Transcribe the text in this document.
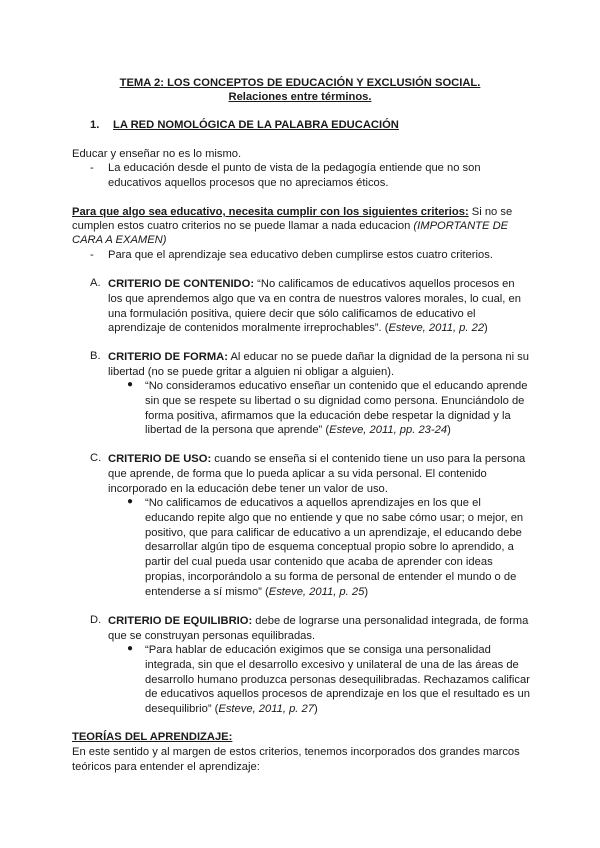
TEMA 2: LOS CONCEPTOS DE EDUCACIÓN Y EXCLUSIÓN SOCIAL.
Relaciones entre términos.
1. LA RED NOMOLÓGICA DE LA PALABRA EDUCACIÓN
Educar y enseñar no es lo mismo.
- La educación desde el punto de vista de la pedagogía entiende que no son
educativos aquellos procesos que no apreciamos éticos.
Para que algo sea educativo, necesita cumplir con los siguientes criterios: Si no se
cumplen estos cuatro criterios no se puede llamar a nada educacion (IMPORTANTE DE
CARA A EXAMEN)
- Para que el aprendizaje sea educativo deben cumplirse estos cuatro criterios.
A. CRITERIO DE CONTENIDO: “No calificamos de educativos aquellos procesos en
los que aprendemos algo que va en contra de nuestros valores morales, lo cual, en
una formulación positiva, quiere decir que sólo calificamos de educativo el
aprendizaje de contenidos moralmente irreprochables”. (Esteve, 2011, p. 22)
B. CRITERIO DE FORMA: Al educar no se puede dañar la dignidad de la persona ni su
libertad (no se puede gritar a alguien ni obligar a alguien).
● “No consideramos educativo enseñar un contenido que el educando aprende
sin que se respete su libertad o su dignidad como persona. Enunciándolo de
forma positiva, afirmamos que la educación debe respetar la dignidad y la
libertad de la persona que aprende” (Esteve, 2011, pp. 23-24)
C. CRITERIO DE USO: cuando se enseña si el contenido tiene un uso para la persona
que aprende, de forma que lo pueda aplicar a su vida personal. El contenido
incorporado en la educación debe tener un valor de uso.
● “No calificamos de educativos a aquellos aprendizajes en los que el
educando repite algo que no entiende y que no sabe cómo usar; o mejor, en
positivo, que para calificar de educativo a un aprendizaje, el educando debe
desarrollar algún tipo de esquema conceptual propio sobre lo aprendido, a
partir del cual pueda usar contenido que acaba de aprender con ideas
propias, incorporándolo a su forma de personal de entender el mundo o de
entenderse a sí mismo” (Esteve, 2011, p. 25)
D. CRITERIO DE EQUILIBRIO: debe de lograrse una personalidad integrada, de forma
que se construyan personas equilibradas.
● “Para hablar de educación exigimos que se consiga una personalidad
integrada, sin que el desarrollo excesivo y unilateral de una de las áreas de
desarrollo humano produzca personas desequilibradas. Rechazamos calificar
de educativos aquellos procesos de aprendizaje en los que el resultado es un
desequilibrio” (Esteve, 2011, p. 27)
TEORÍAS DEL APRENDIZAJE:
En este sentido y al margen de estos criterios, tenemos incorporados dos grandes marcos
teóricos para entender el aprendizaje:
